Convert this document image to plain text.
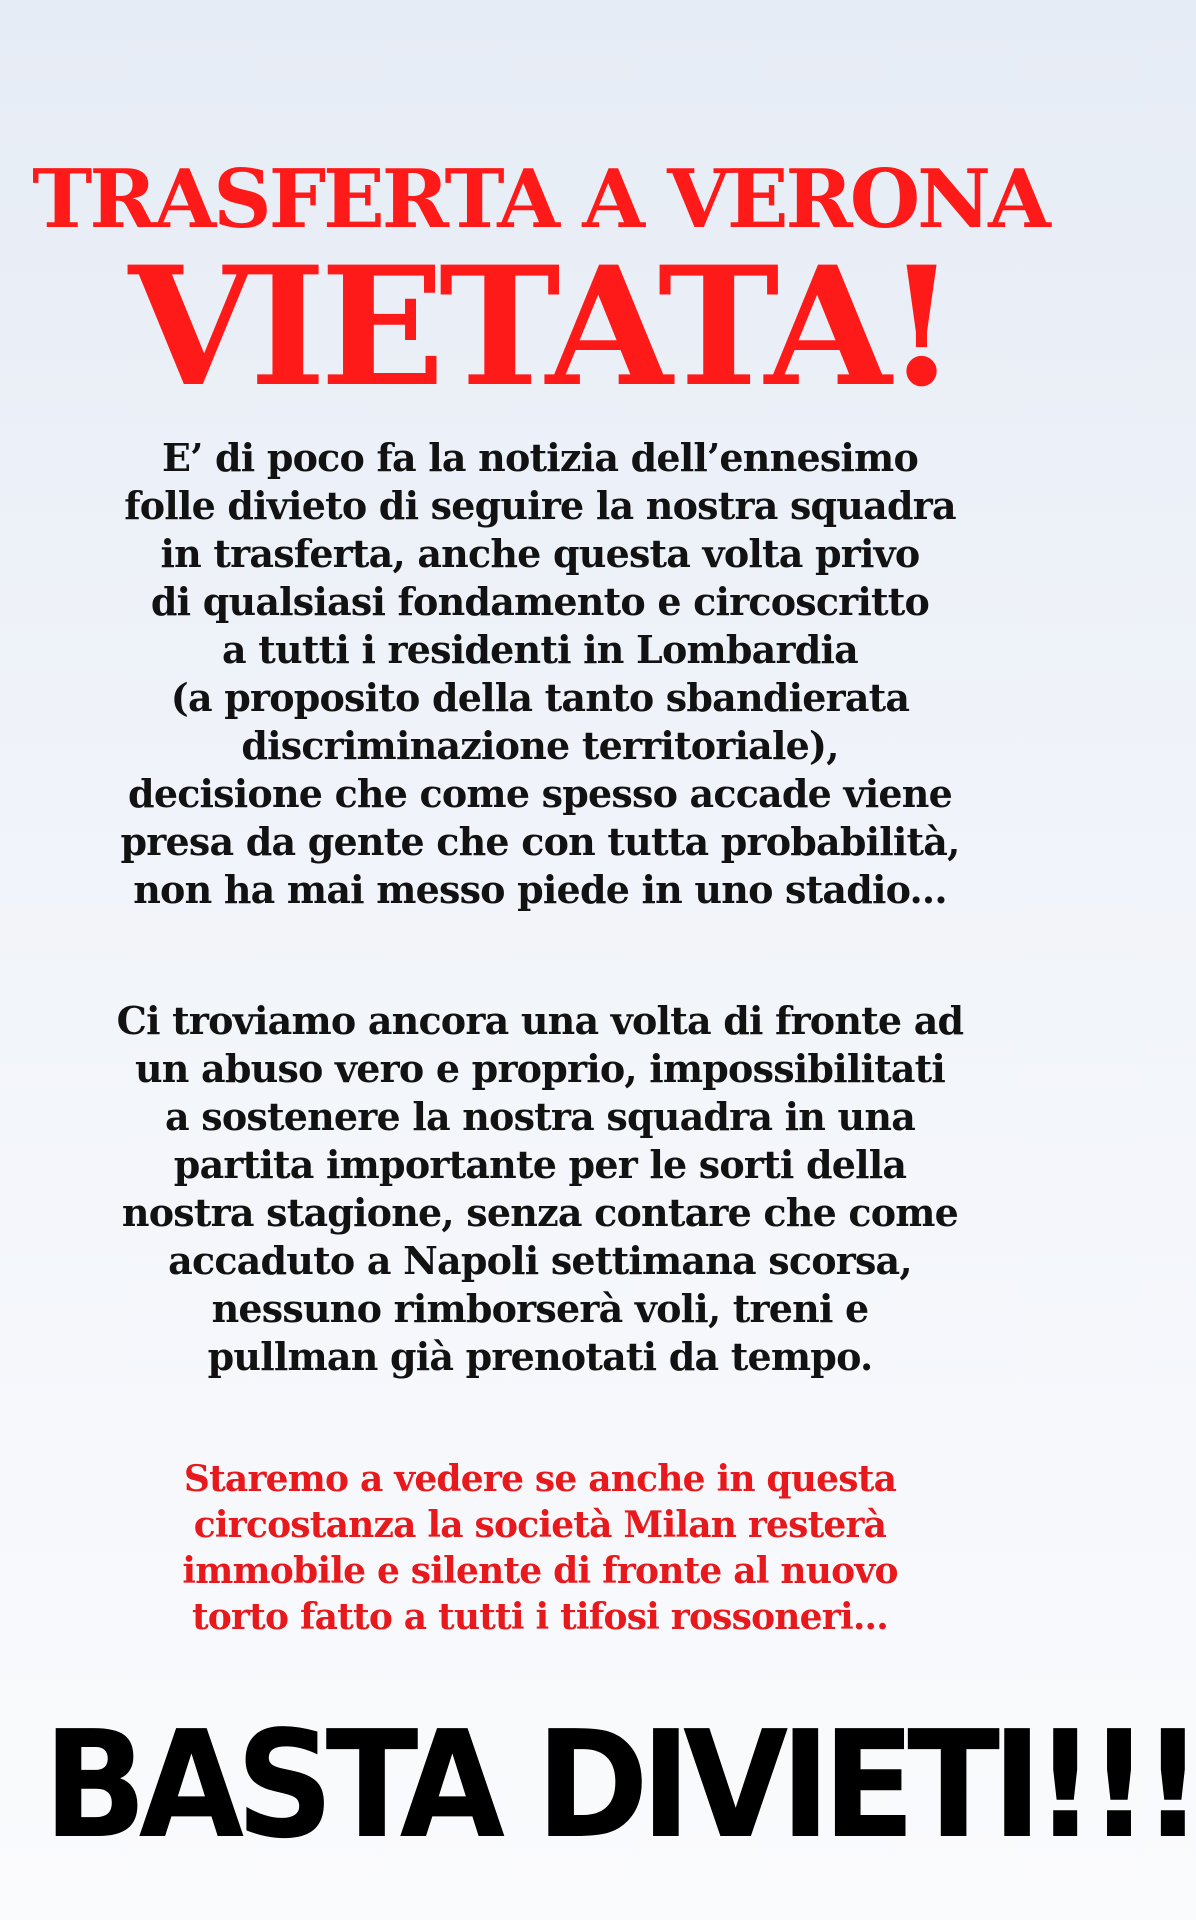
TRASFERTA A VERONA
VIETATA!
E’ di poco fa la notizia dell’ennesimo
folle divieto di seguire la nostra squadra
in trasferta, anche questa volta privo
di qualsiasi fondamento e circoscritto
a tutti i residenti in Lombardia
(a proposito della tanto sbandierata
discriminazione territoriale),
decisione che come spesso accade viene
presa da gente che con tutta probabilità,
non ha mai messo piede in uno stadio...
Ci troviamo ancora una volta di fronte ad
un abuso vero e proprio, impossibilitati
a sostenere la nostra squadra in una
partita importante per le sorti della
nostra stagione, senza contare che come
accaduto a Napoli settimana scorsa,
nessuno rimborserà voli, treni e
pullman già prenotati da tempo.
Staremo a vedere se anche in questa
circostanza la società Milan resterà
immobile e silente di fronte al nuovo
torto fatto a tutti i tifosi rossoneri...
BASTA DIVIETI!!!
